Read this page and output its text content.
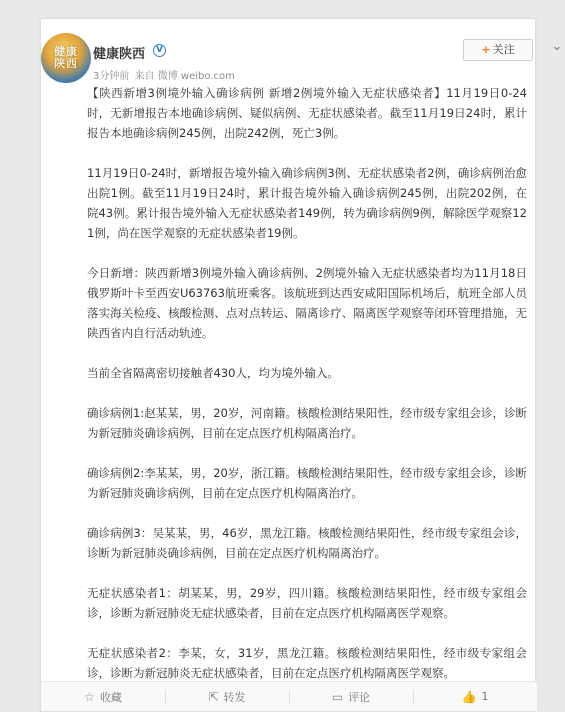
健康
陕西
健康陕西	V
3分钟前 来自 微博 weibo.com
+ 关注	⌄

【陕西新增3例境外输入确诊病例 新增2例境外输入无症状感染者】11月19日0-24时，无新增报告本地确诊病例、疑似病例、无症状感染者。截至11月19日24时，累计报告本地确诊病例245例，出院242例，死亡3例。

11月19日0-24时，新增报告境外输入确诊病例3例、无症状感染者2例，确诊病例治愈出院1例。截至11月19日24时，累计报告境外输入确诊病例245例，出院202例，在院43例。累计报告境外输入无症状感染者149例，转为确诊病例9例，解除医学观察121例，尚在医学观察的无症状感染者19例。

今日新增：陕西新增3例境外输入确诊病例、2例境外输入无症状感染者均为11月18日俄罗斯叶卡至西安U63763航班乘客。该航班到达西安咸阳国际机场后，航班全部人员落实海关检疫、核酸检测、点对点转运、隔离诊疗、隔离医学观察等闭环管理措施，无陕西省内自行活动轨迹。

当前全省隔离密切接触者430人，均为境外输入。

确诊病例1:赵某某，男，20岁，河南籍。核酸检测结果阳性，经市级专家组会诊，诊断为新冠肺炎确诊病例，目前在定点医疗机构隔离治疗。

确诊病例2:李某某，男，20岁，浙江籍。核酸检测结果阳性，经市级专家组会诊，诊断为新冠肺炎确诊病例，目前在定点医疗机构隔离治疗。

确诊病例3：吴某某，男，46岁，黑龙江籍。核酸检测结果阳性，经市级专家组会诊，诊断为新冠肺炎确诊病例，目前在定点医疗机构隔离治疗。

无症状感染者1：胡某某，男，29岁，四川籍。核酸检测结果阳性，经市级专家组会诊，诊断为新冠肺炎无症状感染者，目前在定点医疗机构隔离医学观察。

无症状感染者2：李某，女，31岁，黑龙江籍。核酸检测结果阳性，经市级专家组会诊，诊断为新冠肺炎无症状感染者，目前在定点医疗机构隔离医学观察。

☆ 收藏	⇱ 转发	▭ 评论	👍 1
